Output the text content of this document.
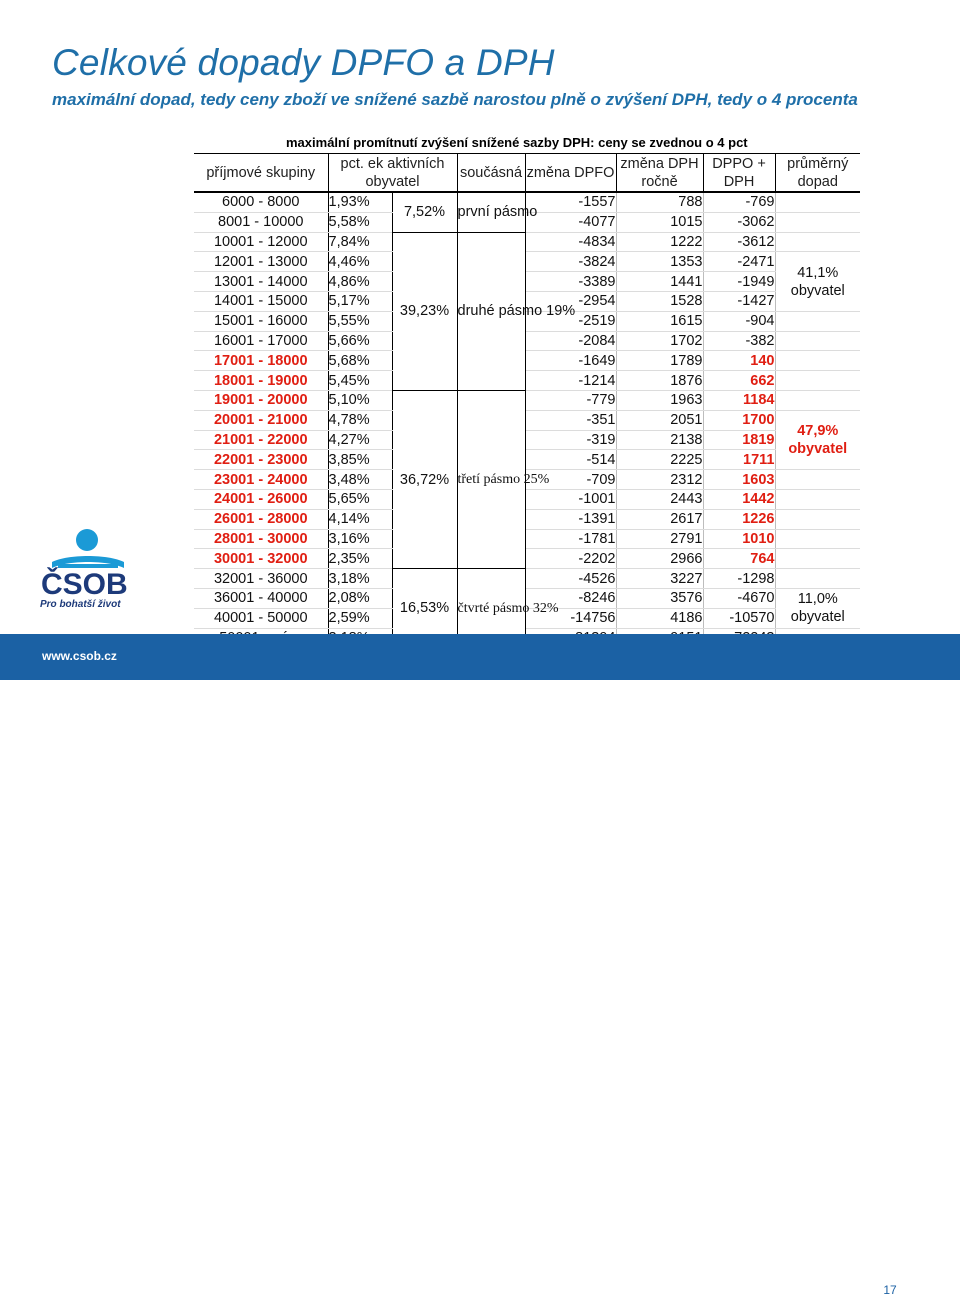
Celkové dopady DPFO a DPH
maximální dopad, tedy ceny zboží ve snížené sazbě narostou plně o zvýšení DPH, tedy o 4 procenta
maximální promítnutí zvýšení snížené sazby DPH: ceny se zvednou o 4 pct							
příjmové skupiny	pct. ek aktivních obyvatel		součásná	změna DPFO	změna DPH ročně	DPPO + DPH	průměrný dopad
6000 - 8000	1,93%	7,52%	první pásmo	-1557	788	-769	
8001 - 10000	5,58%			-4077	1015	-3062	
10001 - 12000	7,84%	39,23%	druhé pásmo 19%	-4834	1222	-3612	
12001 - 13000	4,46%			-3824	1353	-2471	41,1%
obyvatel

13001 - 14000	4,86%			-3389	1441	-1949	
14001 - 15000	5,17%			-2954	1528	-1427	
15001 - 16000	5,55%			-2519	1615	-904	
16001 - 17000	5,66%			-2084	1702	-382	
17001 - 18000	5,68%			-1649	1789	140	
18001 - 19000	5,45%			-1214	1876	662	
19001 - 20000	5,10%	36,72%	třetí pásmo 25%	-779	1963	1184	
20001 - 21000	4,78%			-351	2051	1700	47,9%
obyvatel

21001 - 22000	4,27%			-319	2138	1819	
22001 - 23000	3,85%			-514	2225	1711	
23001 - 24000	3,48%			-709	2312	1603	
24001 - 26000	5,65%			-1001	2443	1442	
26001 - 28000	4,14%			-1391	2617	1226	
28001 - 30000	3,16%			-1781	2791	1010	
30001 - 32000	2,35%			-2202	2966	764	
32001 - 36000	3,18%	16,53%	čtvrté pásmo 32%	-4526	3227	-1298	
36001 - 40000	2,08%			-8246	3576	-4670	11,0%
obyvatel

40001 - 50000	2,59%			-14756	4186	-10570	

ČSOB
Pro bohatší život
www.csob.cz
17
